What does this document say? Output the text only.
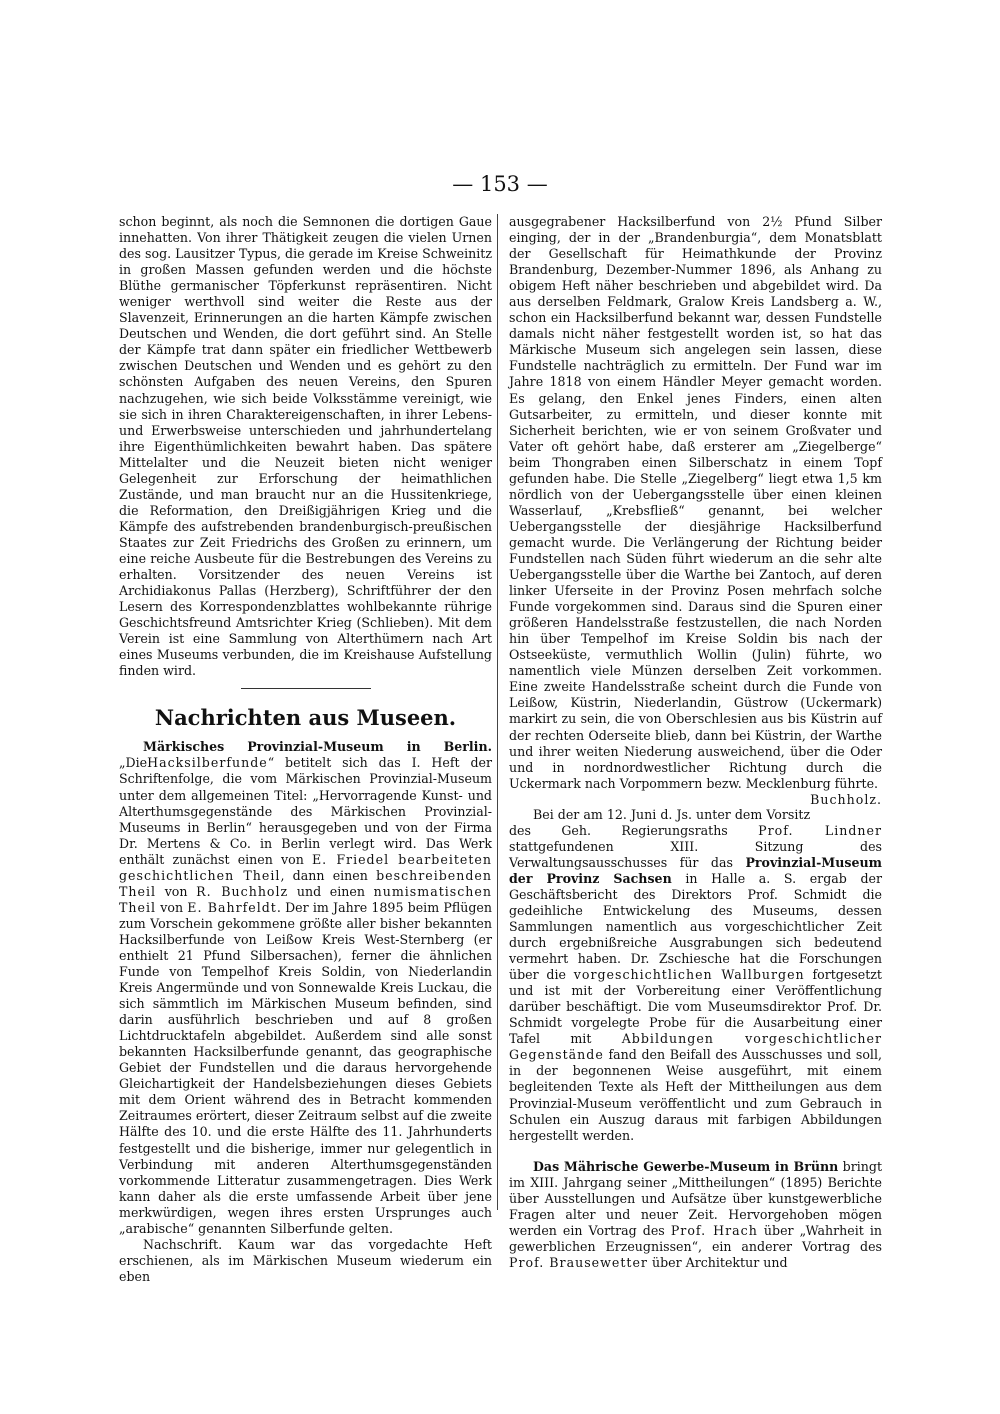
— 153 —

schon beginnt, als noch die Semnonen die dortigen Gaue innehatten. Von ihrer Thätigkeit zeugen die vielen Urnen des sog. Lausitzer Typus, die gerade im Kreise Schweinitz in großen Massen gefunden werden und die höchste Blüthe germanischer Töpferkunst repräsentiren. Nicht weniger werthvoll sind weiter die Reste aus der Slavenzeit, Erinnerungen an die harten Kämpfe zwischen Deutschen und Wenden, die dort geführt sind. An Stelle der Kämpfe trat dann später ein friedlicher Wettbewerb zwischen Deutschen und Wenden und es gehört zu den schönsten Aufgaben des neuen Vereins, den Spuren nachzugehen, wie sich beide Volksstämme vereinigt, wie sie sich in ihren Charaktereigenschaften, in ihrer Lebens- und Erwerbsweise unterschieden und jahrhundertelang ihre Eigenthümlichkeiten bewahrt haben. Das spätere Mittelalter und die Neuzeit bieten nicht weniger Gelegenheit zur Erforschung der heimathlichen Zustände, und man braucht nur an die Hussitenkriege, die Reformation, den Dreißigjährigen Krieg und die Kämpfe des aufstrebenden brandenburgisch-preußischen Staates zur Zeit Friedrichs des Großen zu erinnern, um eine reiche Ausbeute für die Bestrebungen des Vereins zu erhalten. Vorsitzender des neuen Vereins ist Archidiakonus Pallas (Herzberg), Schriftführer der den Lesern des Korrespondenzblattes wohlbekannte rührige Geschichtsfreund Amtsrichter Krieg (Schlieben). Mit dem Verein ist eine Sammlung von Alterthümern nach Art eines Museums verbunden, die im Kreishause Aufstellung finden wird.

Nachrichten aus Museen.

Märkisches Provinzial-Museum in Berlin. „DieHacksilberfunde“ betitelt sich das I. Heft der Schriftenfolge, die vom Märkischen Provinzial-Museum unter dem allgemeinen Titel: „Hervorragende Kunst- und Alterthumsgegenstände des Märkischen Provinzial-Museums in Berlin“ herausgegeben und von der Firma Dr. Mertens & Co. in Berlin verlegt wird. Das Werk enthält zunächst einen von E. Friedel bearbeiteten geschichtlichen Theil, dann einen beschreibenden Theil von R. Buchholz und einen numismatischen Theil von E. Bahrfeldt. Der im Jahre 1895 beim Pflügen zum Vorschein gekommene größte aller bisher bekannten Hacksilberfunde von Leißow Kreis West-Sternberg (er enthielt 21 Pfund Silbersachen), ferner die ähnlichen Funde von Tempelhof Kreis Soldin, von Niederlandin Kreis Angermünde und von Sonnewalde Kreis Luckau, die sich sämmtlich im Märkischen Museum befinden, sind darin ausführlich beschrieben und auf 8 großen Lichtdrucktafeln abgebildet. Außerdem sind alle sonst bekannten Hacksilberfunde genannt, das geographische Gebiet der Fundstellen und die daraus hervorgehende Gleichartigkeit der Handelsbeziehungen dieses Gebiets mit dem Orient während des in Betracht kommenden Zeitraumes erörtert, dieser Zeitraum selbst auf die zweite Hälfte des 10. und die erste Hälfte des 11. Jahrhunderts festgestellt und die bisherige, immer nur gelegentlich in Verbindung mit anderen Alterthumsgegenständen vorkommende Litteratur zusammengetragen. Dies Werk kann daher als die erste umfassende Arbeit über jene merkwürdigen, wegen ihres ersten Ursprunges auch „arabische“ genannten Silberfunde gelten.

Nachschrift. Kaum war das vorgedachte Heft erschienen, als im Märkischen Museum wiederum ein eben

ausgegrabener Hacksilberfund von 2½ Pfund Silber einging, der in der „Brandenburgia“, dem Monatsblatt der Gesellschaft für Heimathkunde der Provinz Brandenburg, Dezember-Nummer 1896, als Anhang zu obigem Heft näher beschrieben und abgebildet wird. Da aus derselben Feldmark, Gralow Kreis Landsberg a. W., schon ein Hacksilberfund bekannt war, dessen Fundstelle damals nicht näher festgestellt worden ist, so hat das Märkische Museum sich angelegen sein lassen, diese Fundstelle nachträglich zu ermitteln. Der Fund war im Jahre 1818 von einem Händler Meyer gemacht worden. Es gelang, den Enkel jenes Finders, einen alten Gutsarbeiter, zu ermitteln, und dieser konnte mit Sicherheit berichten, wie er von seinem Großvater und Vater oft gehört habe, daß ersterer am „Ziegelberge“ beim Thongraben einen Silberschatz in einem Topf gefunden habe. Die Stelle „Ziegelberg“ liegt etwa 1,5 km nördlich von der Uebergangsstelle über einen kleinen Wasserlauf, „Krebsfließ“ genannt, bei welcher Uebergangsstelle der diesjährige Hacksilberfund gemacht wurde. Die Verlängerung der Richtung beider Fundstellen nach Süden führt wiederum an die sehr alte Uebergangsstelle über die Warthe bei Zantoch, auf deren linker Uferseite in der Provinz Posen mehrfach solche Funde vorgekommen sind. Daraus sind die Spuren einer größeren Handelsstraße festzustellen, die nach Norden hin über Tempelhof im Kreise Soldin bis nach der Ostseeküste, vermuthlich Wollin (Julin) führte, wo namentlich viele Münzen derselben Zeit vorkommen. Eine zweite Handelsstraße scheint durch die Funde von Leißow, Küstrin, Niederlandin, Güstrow (Uckermark) markirt zu sein, die von Oberschlesien aus bis Küstrin auf der rechten Oderseite blieb, dann bei Küstrin, der Warthe und ihrer weiten Niederung ausweichend, über die Oder und in nordnordwestlicher Richtung durch die Uckermark nach Vorpommern bezw. Mecklenburg führte.
Buchholz.

Bei der am 12. Juni d. Js. unter dem Vorsitz des Geh. Regierungsraths Prof. Lindner stattgefundenen XIII. Sitzung des Verwaltungsausschusses für das Provinzial-Museum der Provinz Sachsen in Halle a. S. ergab der Geschäftsbericht des Direktors Prof. Schmidt die gedeihliche Entwickelung des Museums, dessen Sammlungen namentlich aus vorgeschichtlicher Zeit durch ergebnißreiche Ausgrabungen sich bedeutend vermehrt haben. Dr. Zschiesche hat die Forschungen über die vorgeschichtlichen Wallburgen fortgesetzt und ist mit der Vorbereitung einer Veröffentlichung darüber beschäftigt. Die vom Museumsdirektor Prof. Dr. Schmidt vorgelegte Probe für die Ausarbeitung einer Tafel mit Abbildungen vorgeschichtlicher Gegenstände fand den Beifall des Ausschusses und soll, in der begonnenen Weise ausgeführt, mit einem begleitenden Texte als Heft der Mittheilungen aus dem Provinzial-Museum veröffentlicht und zum Gebrauch in Schulen ein Auszug daraus mit farbigen Abbildungen hergestellt werden.

Das Mährische Gewerbe-Museum in Brünn bringt im XIII. Jahrgang seiner „Mittheilungen“ (1895) Berichte über Ausstellungen und Aufsätze über kunstgewerbliche Fragen alter und neuer Zeit. Hervorgehoben mögen werden ein Vortrag des Prof. Hrach über „Wahrheit in gewerblichen Erzeugnissen“, ein anderer Vortrag des Prof. Brausewetter über Architektur und
